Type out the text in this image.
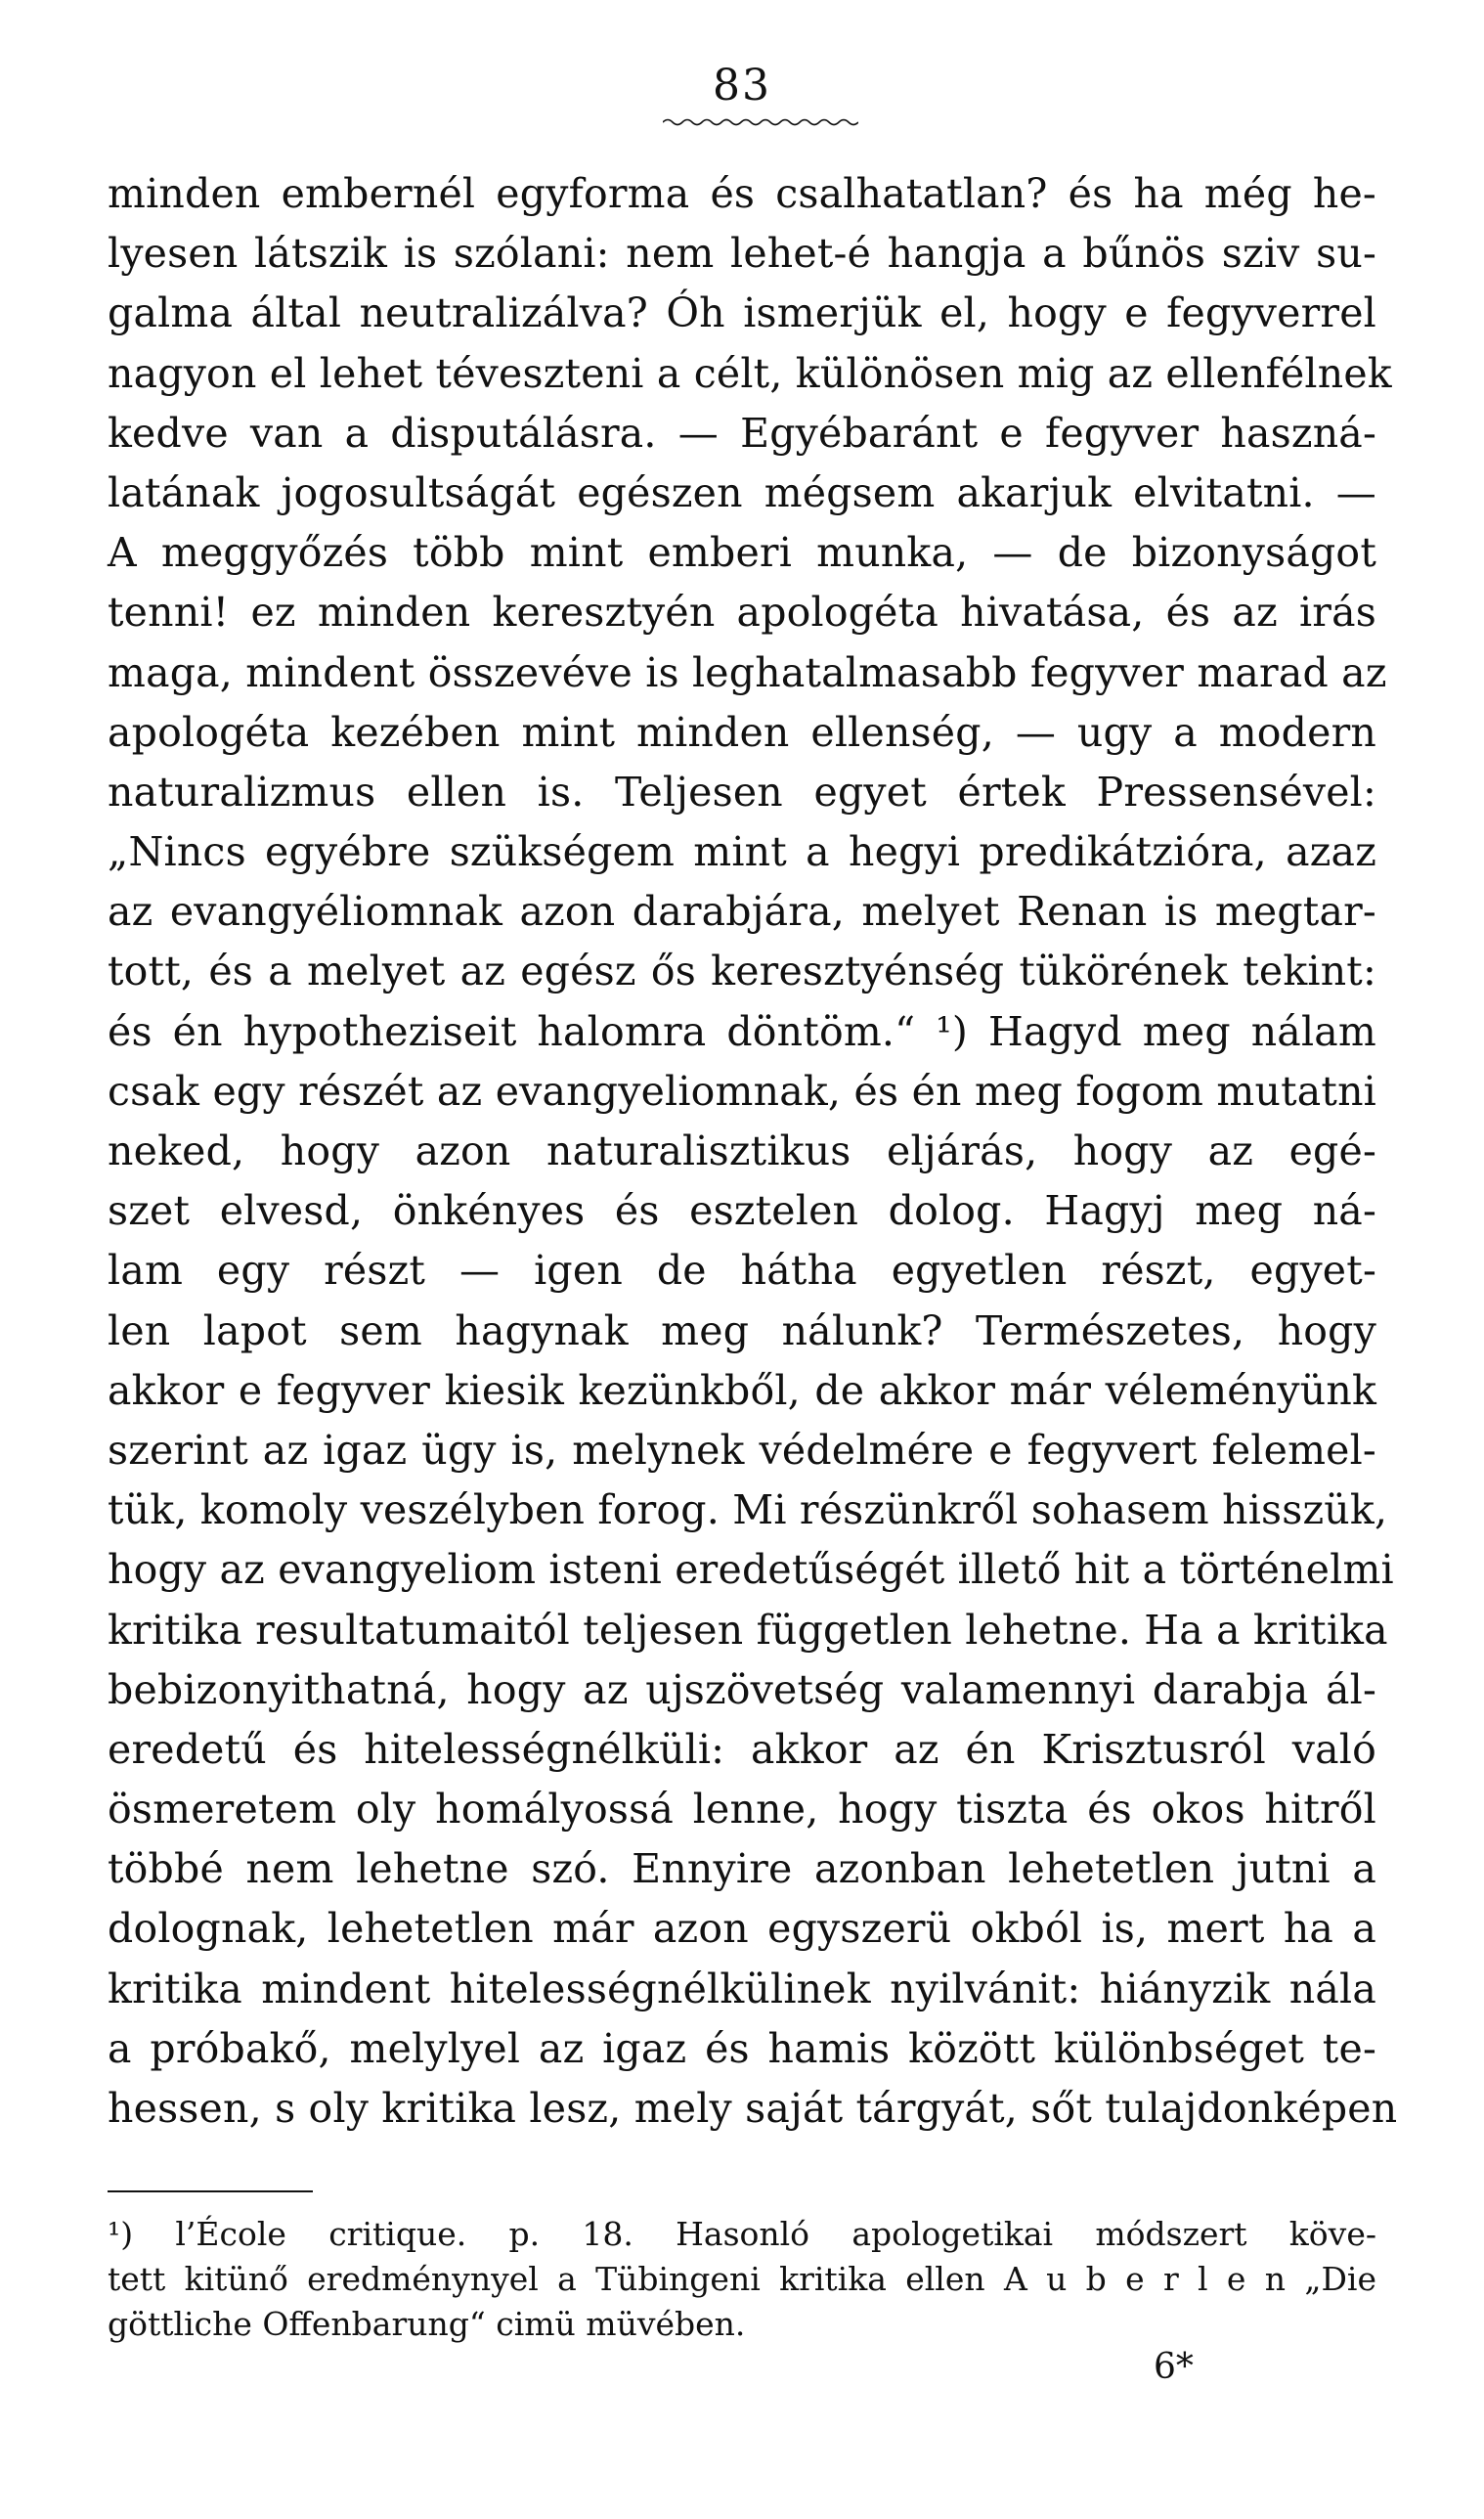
83
minden embernél egyforma és csalhatatlan? és ha még he-
lyesen látszik is szólani: nem lehet-é hangja a bűnös sziv su-
galma által neutralizálva? Óh ismerjük el, hogy e fegyverrel
nagyon el lehet téveszteni a célt, különösen mig az ellenfélnek
kedve van a disputálásra. — Egyébaránt e fegyver haszná-
latának jogosultságát egészen mégsem akarjuk elvitatni. —
A meggyőzés több mint emberi munka, — de bizonyságot
tenni! ez minden keresztyén apologéta hivatása, és az irás
maga, mindent összevéve is leghatalmasabb fegyver marad az
apologéta kezében mint minden ellenség, — ugy a modern
naturalizmus ellen is. Teljesen egyet értek Pressensével:
„Nincs egyébre szükségem mint a hegyi predikátzióra, azaz
az evangyéliomnak azon darabjára, melyet Renan is megtar-
tott, és a melyet az egész ős keresztyénség tükörének tekint:
és én hypotheziseit halomra döntöm.“ ¹) Hagyd meg nálam
csak egy részét az evangyeliomnak, és én meg fogom mutatni
neked, hogy azon naturalisztikus eljárás, hogy az egé-
szet elvesd, önkényes és esztelen dolog. Hagyj meg ná-
lam egy részt — igen de hátha egyetlen részt, egyet-
len lapot sem hagynak meg nálunk? Természetes, hogy
akkor e fegyver kiesik kezünkből, de akkor már véleményünk
szerint az igaz ügy is, melynek védelmére e fegyvert felemel-
tük, komoly veszélyben forog. Mi részünkről sohasem hisszük,
hogy az evangyeliom isteni eredetűségét illető hit a történelmi
kritika resultatumaitól teljesen független lehetne. Ha a kritika
bebizonyithatná, hogy az ujszövetség valamennyi darabja ál-
eredetű és hitelességnélküli: akkor az én Krisztusról való
ösmeretem oly homályossá lenne, hogy tiszta és okos hitről
többé nem lehetne szó. Ennyire azonban lehetetlen jutni a
dolognak, lehetetlen már azon egyszerü okból is, mert ha a
kritika mindent hitelességnélkülinek nyilvánit: hiányzik nála
a próbakő, melylyel az igaz és hamis között különbséget te-
hessen, s oly kritika lesz, mely saját tárgyát, sőt tulajdonképen
¹) l’École critique. p. 18. Hasonló apologetikai módszert köve-
tett kitünő eredménynyel a Tübingeni kritika ellen A u b e r l e n „Die
göttliche Offenbarung“ cimü müvében.
6*
